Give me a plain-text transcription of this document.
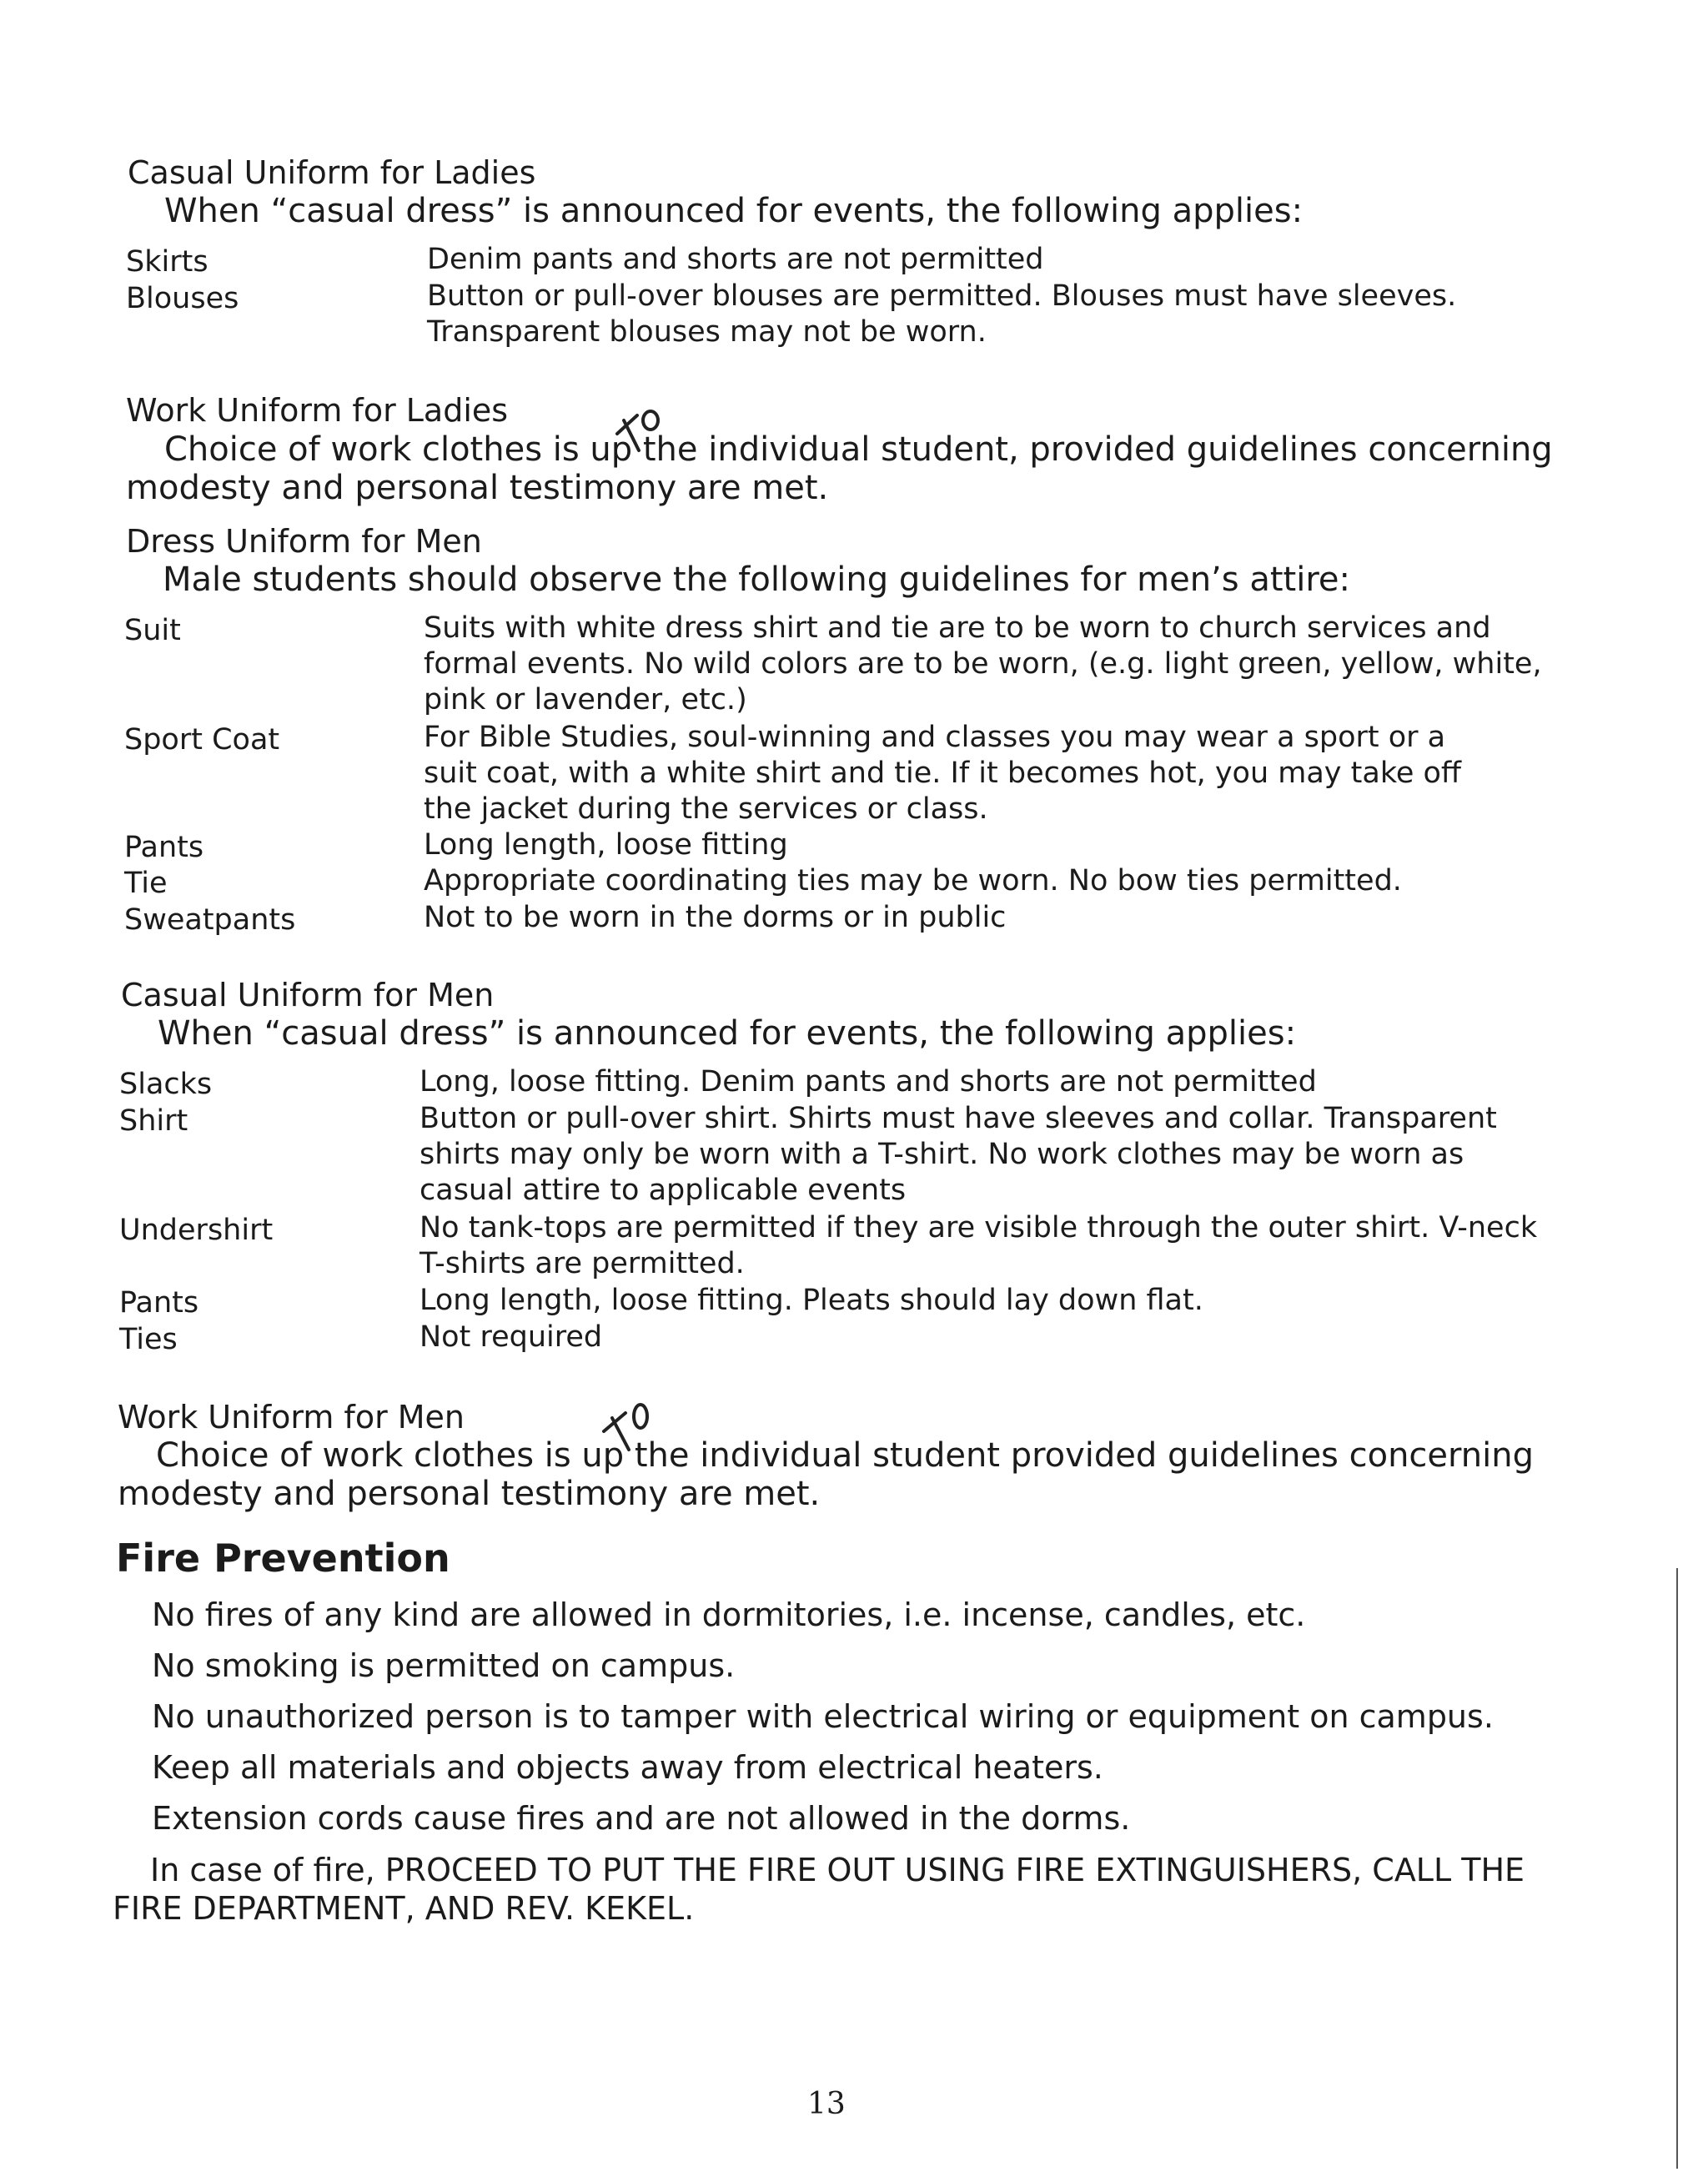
Casual Uniform for Ladies
When “casual dress” is announced for events, the following applies:
Skirts	Denim pants and shorts are not permitted
Blouses	Button or pull-over blouses are permitted. Blouses must have sleeves. Transparent blouses may not be worn.
Work Uniform for Ladies
Choice of work clothes is up the individual student, provided guidelines concerning modesty and personal testimony are met.
Dress Uniform for Men
Male students should observe the following guidelines for men’s attire:
Suit	Suits with white dress shirt and tie are to be worn to church services and formal events. No wild colors are to be worn, (e.g. light green, yellow, white, pink or lavender, etc.)
Sport Coat	For Bible Studies, soul-winning and classes you may wear a sport or a suit coat, with a white shirt and tie. If it becomes hot, you may take off the jacket during the services or class.
Pants	Long length, loose fitting
Tie	Appropriate coordinating ties may be worn. No bow ties permitted.
Sweatpants	Not to be worn in the dorms or in public
Casual Uniform for Men
When “casual dress” is announced for events, the following applies:
Slacks	Long, loose fitting. Denim pants and shorts are not permitted
Shirt	Button or pull-over shirt. Shirts must have sleeves and collar. Transparent shirts may only be worn with a T-shirt. No work clothes may be worn as casual attire to applicable events
Undershirt	No tank-tops are permitted if they are visible through the outer shirt. V-neck T-shirts are permitted.
Pants	Long length, loose fitting. Pleats should lay down flat.
Ties	Not required
Work Uniform for Men
Choice of work clothes is up the individual student provided guidelines concerning modesty and personal testimony are met.
Fire Prevention
No fires of any kind are allowed in dormitories, i.e. incense, candles, etc.
No smoking is permitted on campus.
No unauthorized person is to tamper with electrical wiring or equipment on campus.
Keep all materials and objects away from electrical heaters.
Extension cords cause fires and are not allowed in the dorms.
In case of fire, PROCEED TO PUT THE FIRE OUT USING FIRE EXTINGUISHERS, CALL THE FIRE DEPARTMENT, AND REV. KEKEL.
13
